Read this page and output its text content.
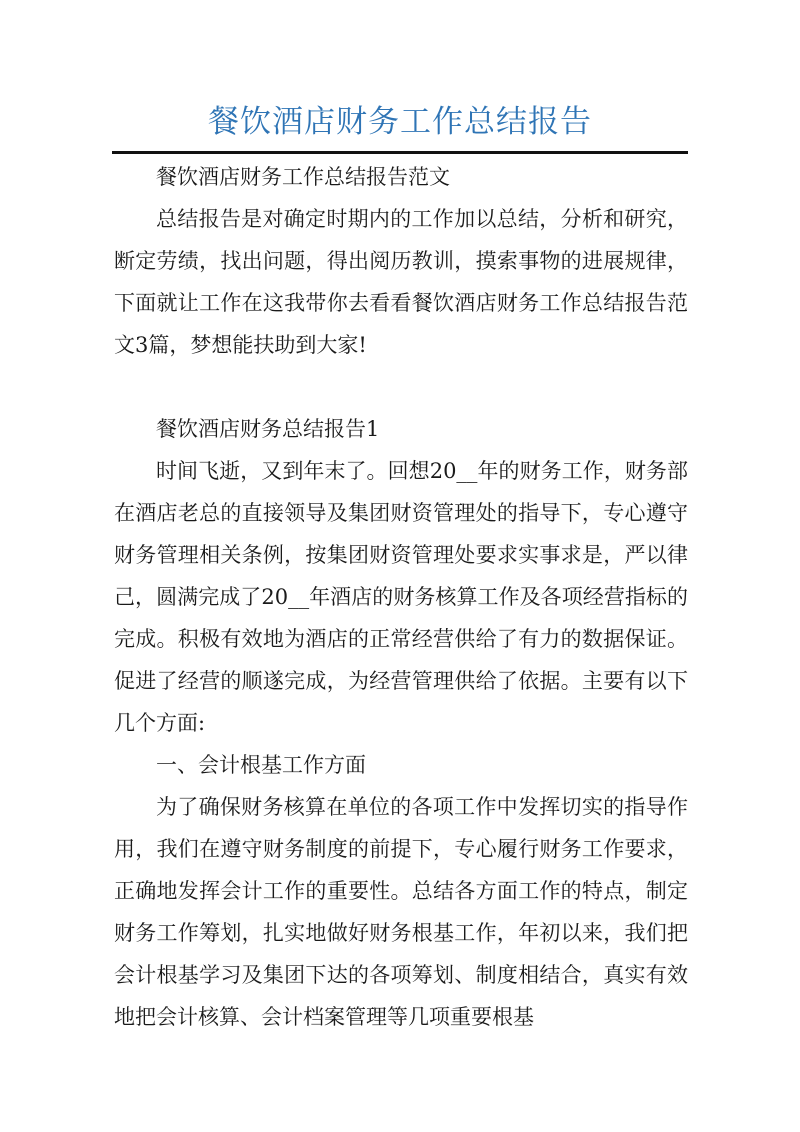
餐饮酒店财务工作总结报告

餐饮酒店财务工作总结报告范文

总结报告是对确定时期内的工作加以总结，分析和研究，断定劳绩，找出问题，得出阅历教训，摸索事物的进展规律，下面就让工作在这我带你去看看餐饮酒店财务工作总结报告范文3篇，梦想能扶助到大家!

餐饮酒店财务总结报告1

时间飞逝，又到年末了。回想20__年的财务工作，财务部在酒店老总的直接领导及集团财资管理处的指导下，专心遵守财务管理相关条例，按集团财资管理处要求实事求是，严以律己，圆满完成了20__年酒店的财务核算工作及各项经营指标的完成。积极有效地为酒店的正常经营供给了有力的数据保证。促进了经营的顺遂完成，为经营管理供给了依据。主要有以下几个方面:

一、会计根基工作方面

为了确保财务核算在单位的各项工作中发挥切实的指导作用，我们在遵守财务制度的前提下，专心履行财务工作要求，正确地发挥会计工作的重要性。总结各方面工作的特点，制定财务工作筹划，扎实地做好财务根基工作，年初以来，我们把会计根基学习及集团下达的各项筹划、制度相结合，真实有效地把会计核算、会计档案管理等几项重要根基
